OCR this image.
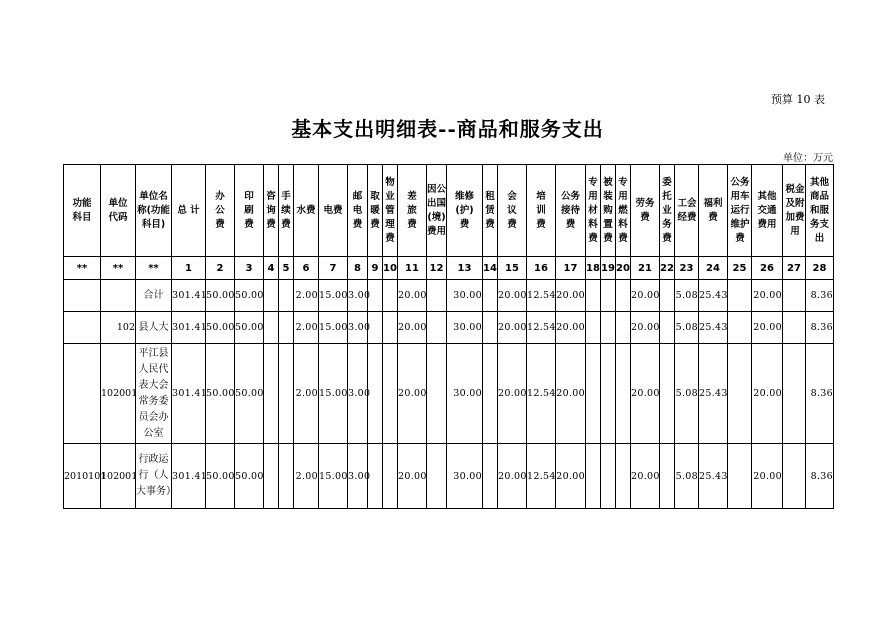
预算 10 表
基本支出明细表--商品和服务支出
单位：万元
功能科目	单位代码	单位名称(功能科目)	总 计	办公费	印刷费	咨询费	手续费	水费	电费	邮电费	取暖费	物业管理费	差旅费	因公出国(境)费用	维修(护)费	租赁费	会议费	培训费	公务接待费	专用材料费	被装购置费	专用燃料费	劳务费	委托业务费	工会经费	福利费	公务用车运行维护费	其他交通费用	税金及附加费用	其他商品和服务支出

**	**	**	1	2	3	4	5	6	7	8	9	10	11	12	13	14	15	16	17	18	19	20	21	22	23	24	25	26	27	28
		合计	301.41	50.00	50.00			2.00	15.00	3.00			20.00		30.00		20.00	12.54	20.00				20.00		5.08	25.43		20.00		8.36
	102	县人大	301.41	50.00	50.00			2.00	15.00	3.00			20.00		30.00		20.00	12.54	20.00				20.00		5.08	25.43		20.00		8.36
	102001	平江县人民代表大会常务委员会办公室	301.41	50.00	50.00			2.00	15.00	3.00			20.00		30.00		20.00	12.54	20.00				20.00		5.08	25.43		20.00		8.36
2010101	102001	行政运行（人大事务）	301.41	50.00	50.00			2.00	15.00	3.00			20.00		30.00		20.00	12.54	20.00				20.00		5.08	25.43		20.00		8.36
